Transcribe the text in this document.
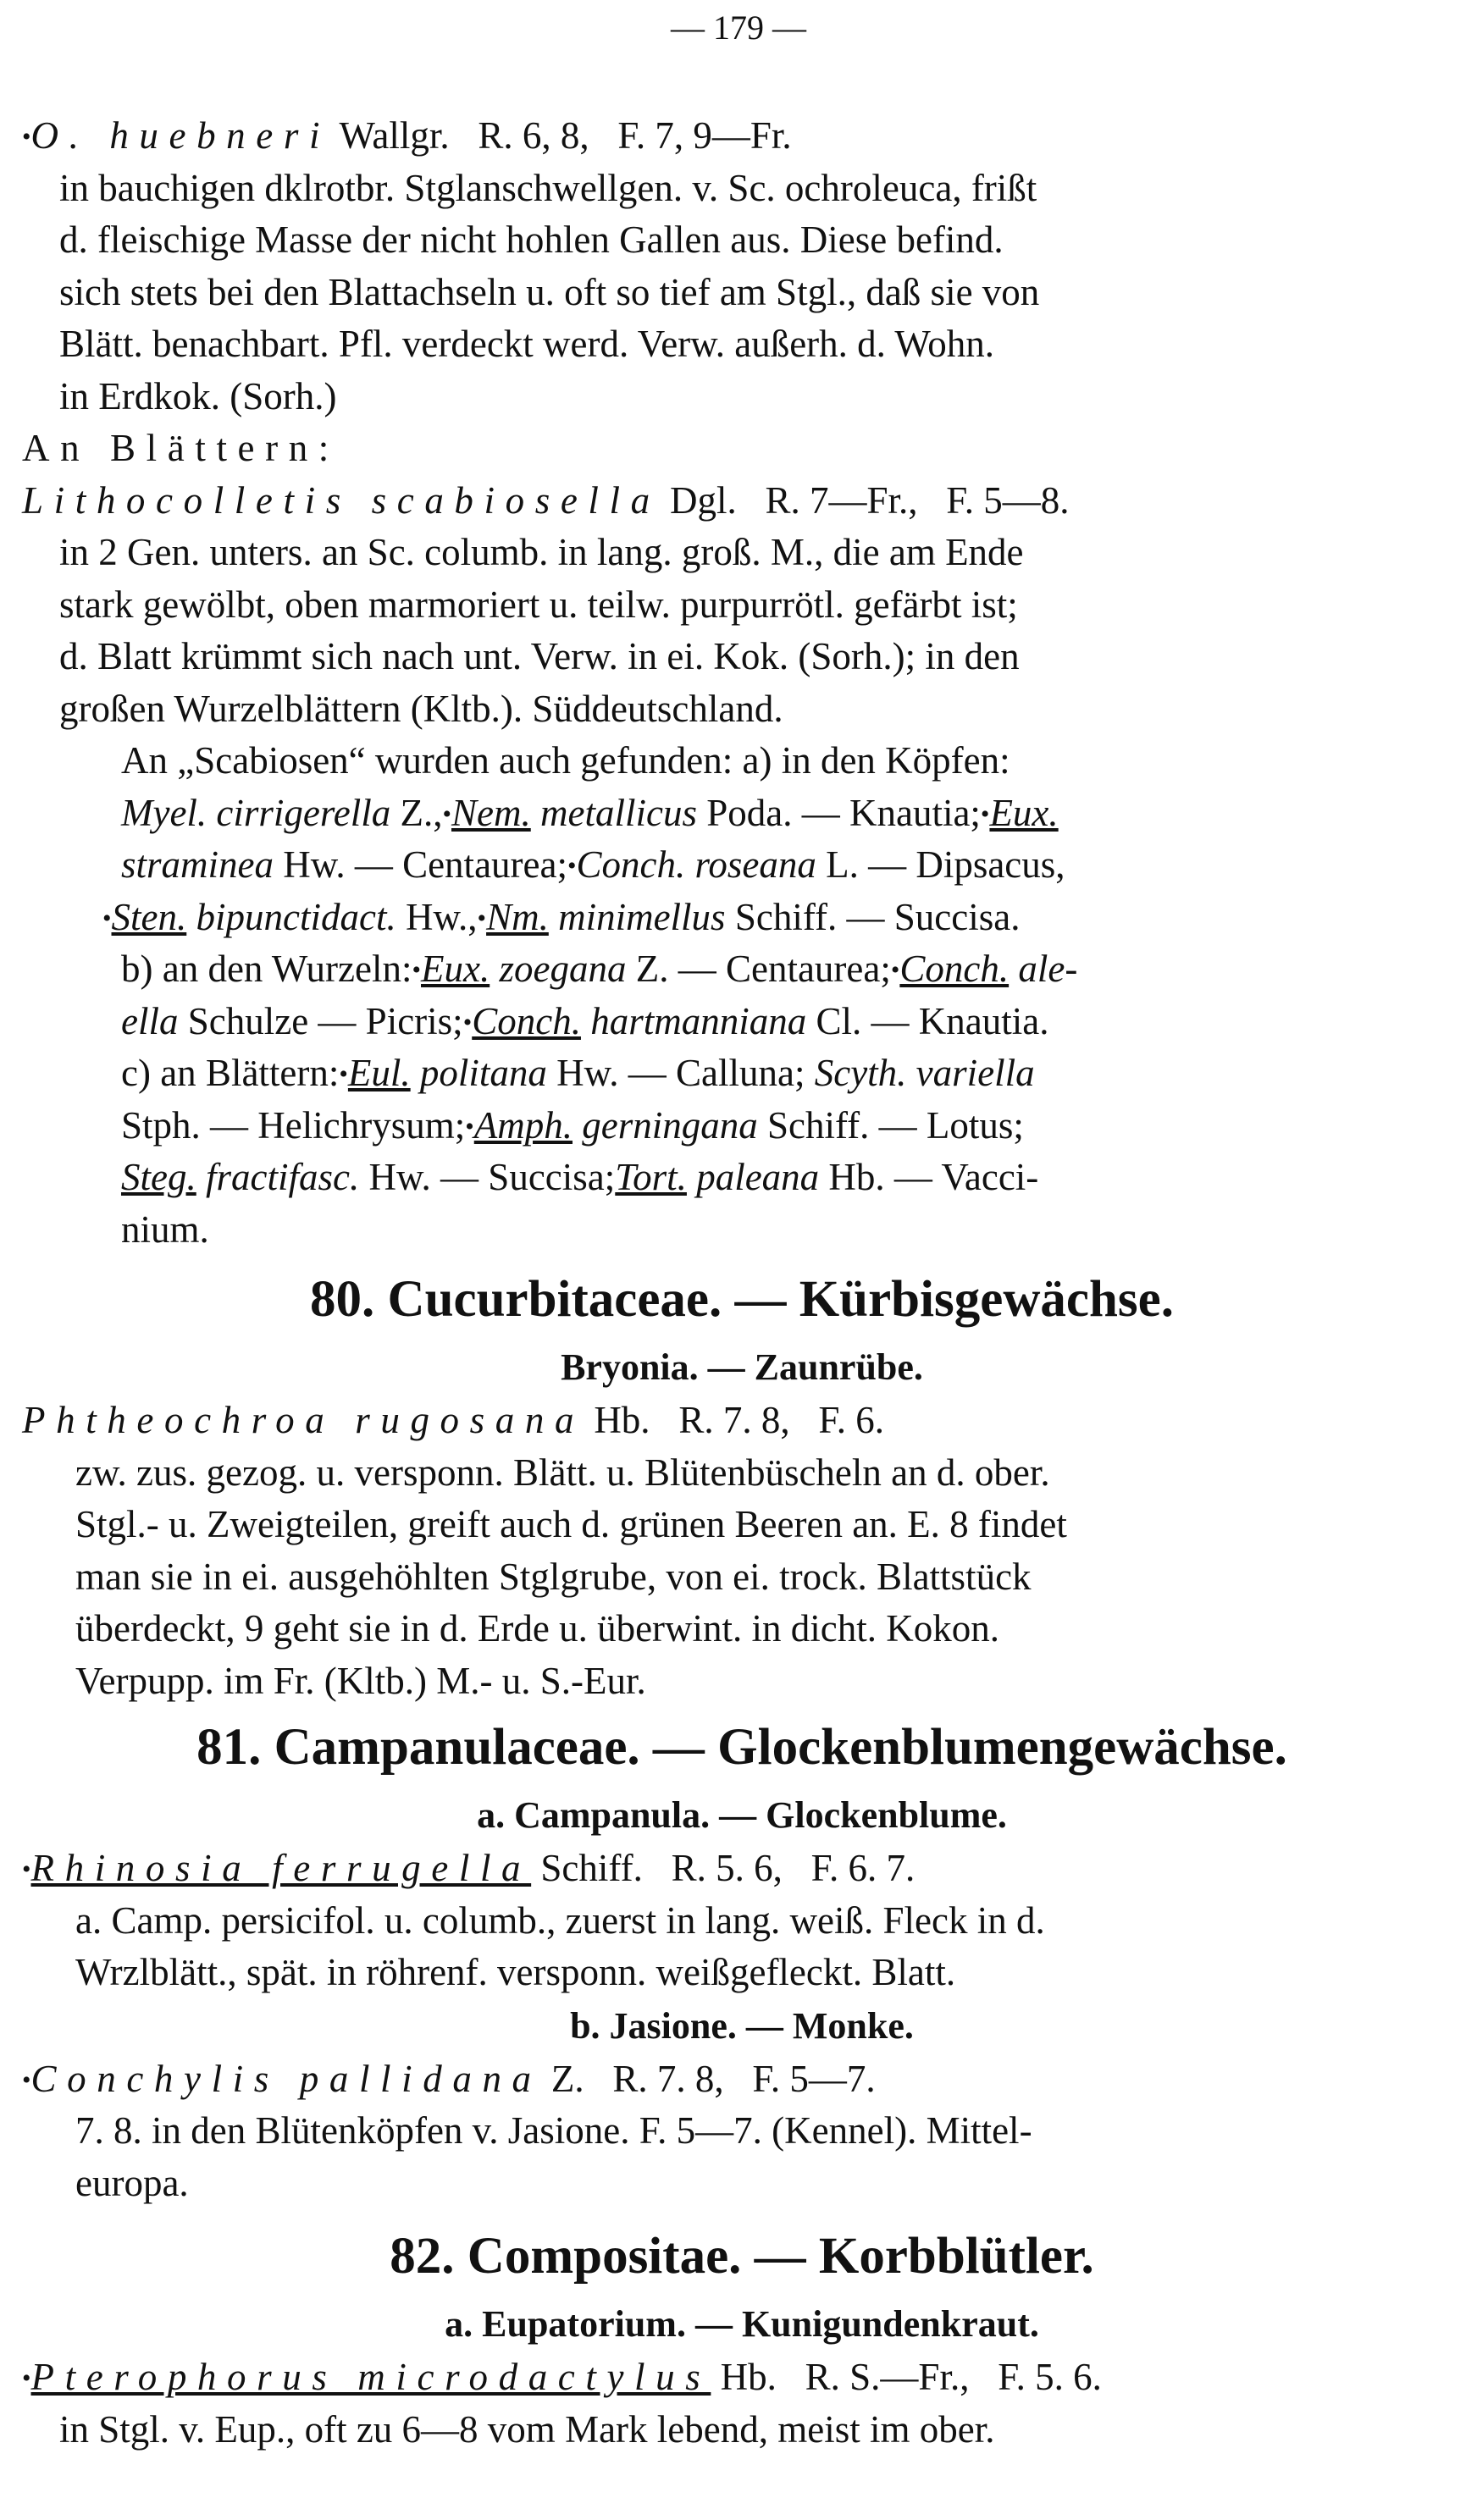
— 179 —
•O. huebneri Wallgr.   R. 6, 8,   F. 7, 9—Fr.
in bauchigen dklrotbr. Stglanschwellgen. v. Sc. ochroleuca, frißt
d. fleischige Masse der nicht hohlen Gallen aus. Diese befind.
sich stets bei den Blattachseln u. oft so tief am Stgl., daß sie von
Blätt. benachbart. Pfl. verdeckt werd. Verw. außerh. d. Wohn.
in Erdkok. (Sorh.)
An Blättern:
Lithocolletis scabiosella Dgl.   R. 7—Fr.,   F. 5—8.
in 2 Gen. unters. an Sc. columb. in lang. groß. M., die am Ende
stark gewölbt, oben marmoriert u. teilw. purpurrötl. gefärbt ist;
d. Blatt krümmt sich nach unt. Verw. in ei. Kok. (Sorh.); in den
großen Wurzelblättern (Kltb.). Süddeutschland.
An „Scabiosen“ wurden auch gefunden: a) in den Köpfen:
Myel. cirrigerella Z.,•Nem. metallicus Poda. — Knautia;•Eux.
straminea Hw. — Centaurea;•Conch. roseana L. — Dipsacus,
•Sten. bipunctidact. Hw.,•Nm. minimellus Schiff. — Succisa.
b) an den Wurzeln:•Eux. zoegana Z. — Centaurea;•Conch. ale-
ella Schulze — Picris;•Conch. hartmanniana Cl. — Knautia.
c) an Blättern:•Eul. politana Hw. — Calluna; Scyth. variella
Stph. — Helichrysum;•Amph. gerningana Schiff. — Lotus;
Steg. fractifasc. Hw. — Succisa;Tort. paleana Hb. — Vacci-
nium.
80. Cucurbitaceae. — Kürbisgewächse.
Bryonia. — Zaunrübe.
Phtheochroa rugosana Hb.   R. 7. 8,   F. 6.
zw. zus. gezog. u. versponn. Blätt. u. Blütenbüscheln an d. ober.
Stgl.- u. Zweigteilen, greift auch d. grünen Beeren an. E. 8 findet
man sie in ei. ausgehöhlten Stglgrube, von ei. trock. Blattstück
überdeckt, 9 geht sie in d. Erde u. überwint. in dicht. Kokon.
Verpupp. im Fr. (Kltb.) M.- u. S.-Eur.
81. Campanulaceae. — Glockenblumengewächse.
a. Campanula. — Glockenblume.
•Rhinosia ferrugella Schiff.   R. 5. 6,   F. 6. 7.
a. Camp. persicifol. u. columb., zuerst in lang. weiß. Fleck in d.
Wrzlblätt., spät. in röhrenf. versponn. weißgefleckt. Blatt.
b. Jasione. — Monke.
•Conchylis pallidana Z.   R. 7. 8,   F. 5—7.
7. 8. in den Blütenköpfen v. Jasione. F. 5—7. (Kennel). Mittel-
europa.
82. Compositae. — Korbblütler.
a. Eupatorium. — Kunigundenkraut.
•Pterophorus microdactylus Hb.   R. S.—Fr.,   F. 5. 6.
in Stgl. v. Eup., oft zu 6—8 vom Mark lebend, meist im ober.
